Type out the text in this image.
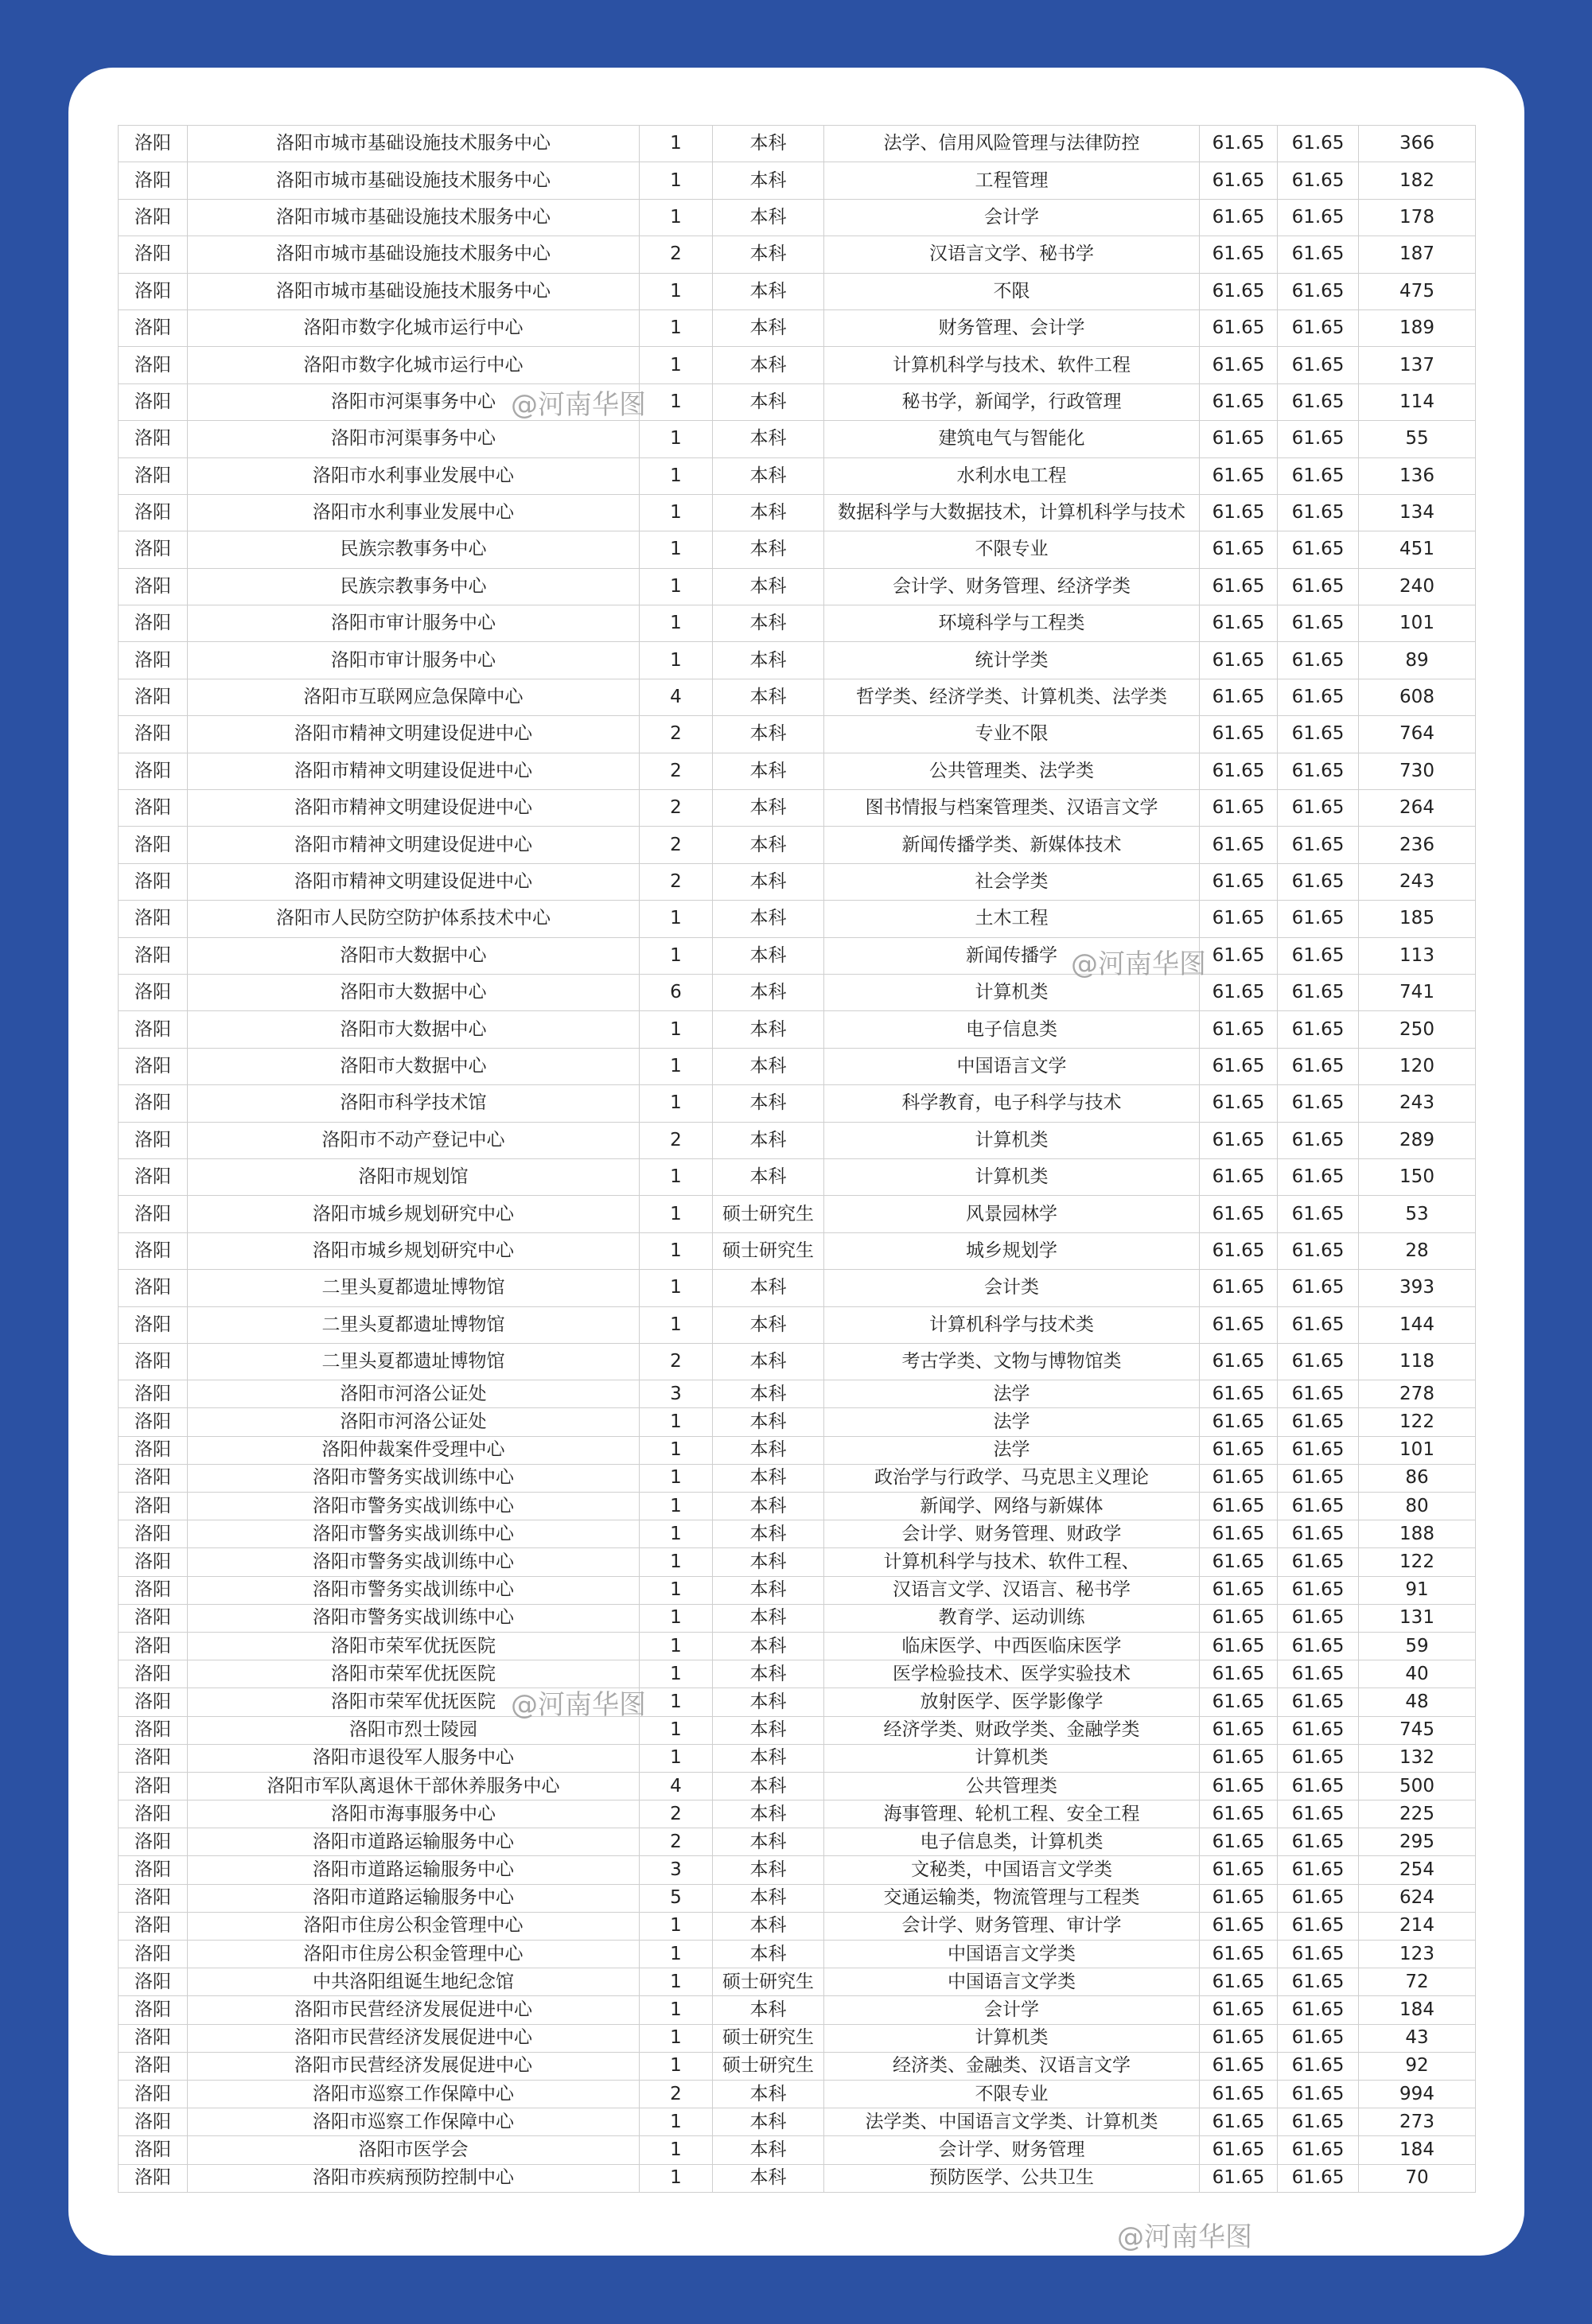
洛阳	洛阳市城市基础设施技术服务中心	1	本科	法学、信用风险管理与法律防控	61.65	61.65	366
洛阳	洛阳市城市基础设施技术服务中心	1	本科	工程管理	61.65	61.65	182
洛阳	洛阳市城市基础设施技术服务中心	1	本科	会计学	61.65	61.65	178
洛阳	洛阳市城市基础设施技术服务中心	2	本科	汉语言文学、秘书学	61.65	61.65	187
洛阳	洛阳市城市基础设施技术服务中心	1	本科	不限	61.65	61.65	475
洛阳	洛阳市数字化城市运行中心	1	本科	财务管理、会计学	61.65	61.65	189
洛阳	洛阳市数字化城市运行中心	1	本科	计算机科学与技术、软件工程	61.65	61.65	137
洛阳	洛阳市河渠事务中心	1	本科	秘书学，新闻学，行政管理	61.65	61.65	114
洛阳	洛阳市河渠事务中心	1	本科	建筑电气与智能化	61.65	61.65	55
洛阳	洛阳市水利事业发展中心	1	本科	水利水电工程	61.65	61.65	136
洛阳	洛阳市水利事业发展中心	1	本科	数据科学与大数据技术，计算机科学与技术	61.65	61.65	134
洛阳	民族宗教事务中心	1	本科	不限专业	61.65	61.65	451
洛阳	民族宗教事务中心	1	本科	会计学、财务管理、经济学类	61.65	61.65	240
洛阳	洛阳市审计服务中心	1	本科	环境科学与工程类	61.65	61.65	101
洛阳	洛阳市审计服务中心	1	本科	统计学类	61.65	61.65	89
洛阳	洛阳市互联网应急保障中心	4	本科	哲学类、经济学类、计算机类、法学类	61.65	61.65	608
洛阳	洛阳市精神文明建设促进中心	2	本科	专业不限	61.65	61.65	764
洛阳	洛阳市精神文明建设促进中心	2	本科	公共管理类、法学类	61.65	61.65	730
洛阳	洛阳市精神文明建设促进中心	2	本科	图书情报与档案管理类、汉语言文学	61.65	61.65	264
洛阳	洛阳市精神文明建设促进中心	2	本科	新闻传播学类、新媒体技术	61.65	61.65	236
洛阳	洛阳市精神文明建设促进中心	2	本科	社会学类	61.65	61.65	243
洛阳	洛阳市人民防空防护体系技术中心	1	本科	土木工程	61.65	61.65	185
洛阳	洛阳市大数据中心	1	本科	新闻传播学	61.65	61.65	113
洛阳	洛阳市大数据中心	6	本科	计算机类	61.65	61.65	741
洛阳	洛阳市大数据中心	1	本科	电子信息类	61.65	61.65	250
洛阳	洛阳市大数据中心	1	本科	中国语言文学	61.65	61.65	120
洛阳	洛阳市科学技术馆	1	本科	科学教育，电子科学与技术	61.65	61.65	243
洛阳	洛阳市不动产登记中心	2	本科	计算机类	61.65	61.65	289
洛阳	洛阳市规划馆	1	本科	计算机类	61.65	61.65	150
洛阳	洛阳市城乡规划研究中心	1	硕士研究生	风景园林学	61.65	61.65	53
洛阳	洛阳市城乡规划研究中心	1	硕士研究生	城乡规划学	61.65	61.65	28
洛阳	二里头夏都遗址博物馆	1	本科	会计类	61.65	61.65	393
洛阳	二里头夏都遗址博物馆	1	本科	计算机科学与技术类	61.65	61.65	144
洛阳	二里头夏都遗址博物馆	2	本科	考古学类、文物与博物馆类	61.65	61.65	118
洛阳	洛阳市河洛公证处	3	本科	法学	61.65	61.65	278
洛阳	洛阳市河洛公证处	1	本科	法学	61.65	61.65	122
洛阳	洛阳仲裁案件受理中心	1	本科	法学	61.65	61.65	101
洛阳	洛阳市警务实战训练中心	1	本科	政治学与行政学、马克思主义理论	61.65	61.65	86
洛阳	洛阳市警务实战训练中心	1	本科	新闻学、网络与新媒体	61.65	61.65	80
洛阳	洛阳市警务实战训练中心	1	本科	会计学、财务管理、财政学	61.65	61.65	188
洛阳	洛阳市警务实战训练中心	1	本科	计算机科学与技术、软件工程、	61.65	61.65	122
洛阳	洛阳市警务实战训练中心	1	本科	汉语言文学、汉语言、秘书学	61.65	61.65	91
洛阳	洛阳市警务实战训练中心	1	本科	教育学、运动训练	61.65	61.65	131
洛阳	洛阳市荣军优抚医院	1	本科	临床医学、中西医临床医学	61.65	61.65	59
洛阳	洛阳市荣军优抚医院	1	本科	医学检验技术、医学实验技术	61.65	61.65	40
洛阳	洛阳市荣军优抚医院	1	本科	放射医学、医学影像学	61.65	61.65	48
洛阳	洛阳市烈士陵园	1	本科	经济学类、财政学类、金融学类	61.65	61.65	745
洛阳	洛阳市退役军人服务中心	1	本科	计算机类	61.65	61.65	132
洛阳	洛阳市军队离退休干部休养服务中心	4	本科	公共管理类	61.65	61.65	500
洛阳	洛阳市海事服务中心	2	本科	海事管理、轮机工程、安全工程	61.65	61.65	225
洛阳	洛阳市道路运输服务中心	2	本科	电子信息类，计算机类	61.65	61.65	295
洛阳	洛阳市道路运输服务中心	3	本科	文秘类，中国语言文学类	61.65	61.65	254
洛阳	洛阳市道路运输服务中心	5	本科	交通运输类，物流管理与工程类	61.65	61.65	624
洛阳	洛阳市住房公积金管理中心	1	本科	会计学、财务管理、审计学	61.65	61.65	214
洛阳	洛阳市住房公积金管理中心	1	本科	中国语言文学类	61.65	61.65	123
洛阳	中共洛阳组诞生地纪念馆	1	硕士研究生	中国语言文学类	61.65	61.65	72
洛阳	洛阳市民营经济发展促进中心	1	本科	会计学	61.65	61.65	184
洛阳	洛阳市民营经济发展促进中心	1	硕士研究生	计算机类	61.65	61.65	43
洛阳	洛阳市民营经济发展促进中心	1	硕士研究生	经济类、金融类、汉语言文学	61.65	61.65	92
洛阳	洛阳市巡察工作保障中心	2	本科	不限专业	61.65	61.65	994
洛阳	洛阳市巡察工作保障中心	1	本科	法学类、中国语言文学类、计算机类	61.65	61.65	273
洛阳	洛阳市医学会	1	本科	会计学、财务管理	61.65	61.65	184
洛阳	洛阳市疾病预防控制中心	1	本科	预防医学、公共卫生	61.65	61.65	70
@河南华图
@河南华图
@河南华图
@河南华图
